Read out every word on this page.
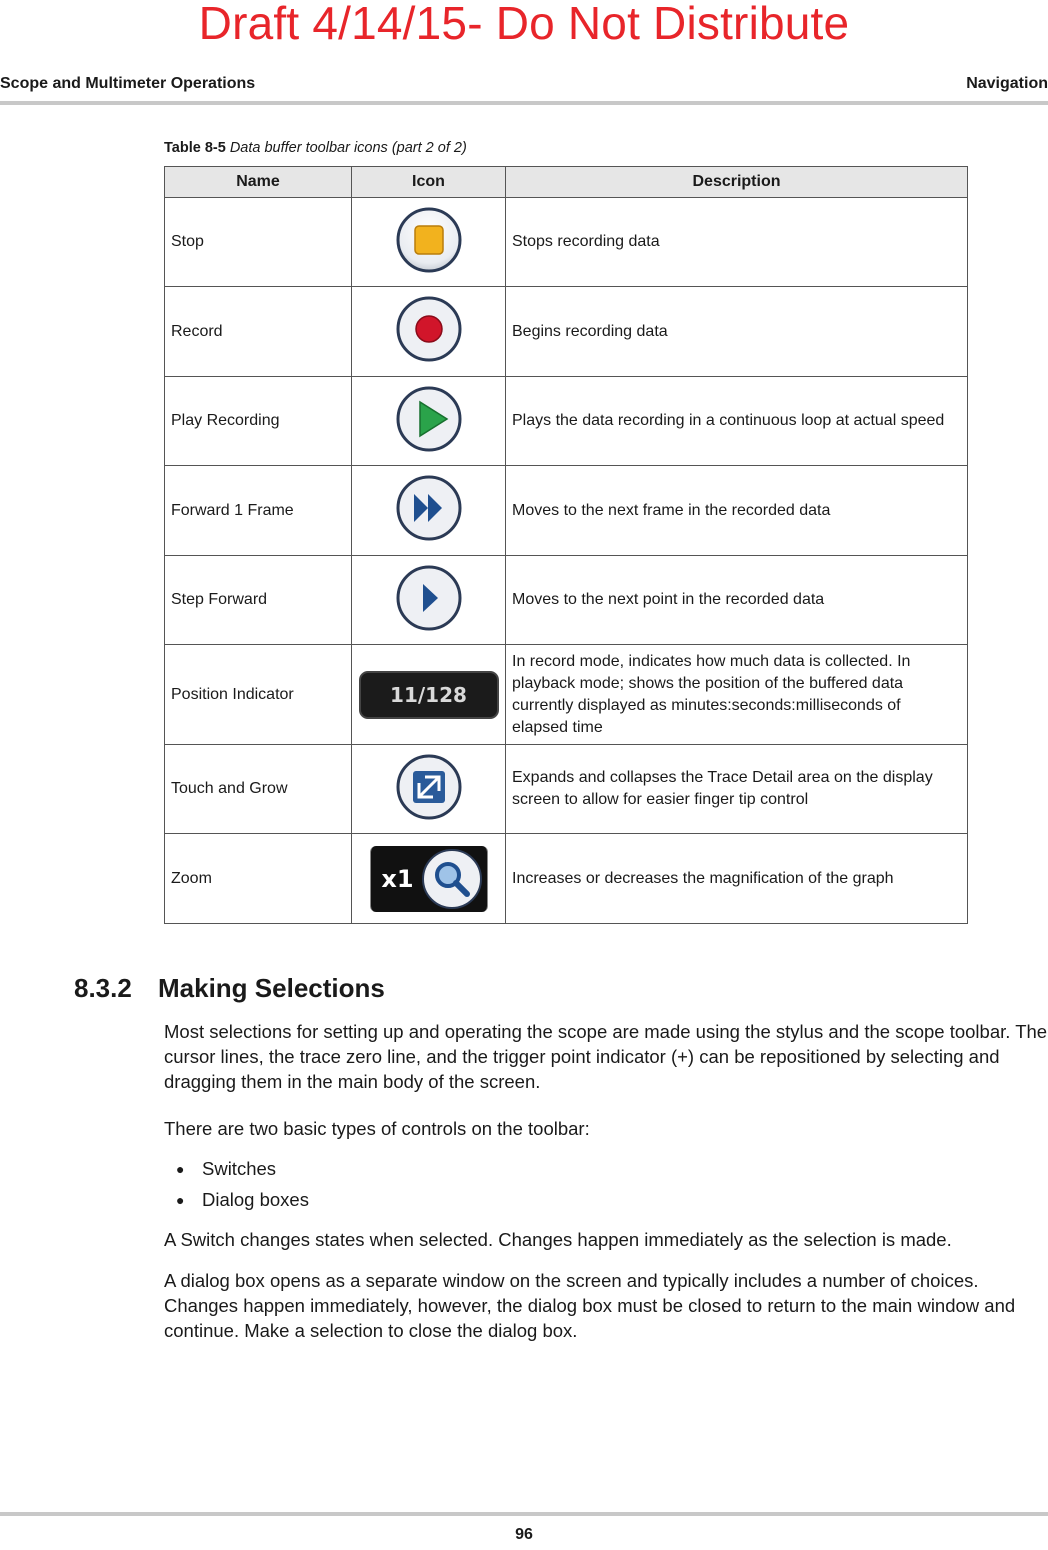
Draft 4/14/15- Do Not Distribute
Scope and Multimeter Operations	Navigation
Table 8-5 Data buffer toolbar icons (part 2 of 2)
Name	Icon	Description
Stop		Stops recording data
Record		Begins recording data
Play Recording		Plays the data recording in a continuous loop at actual speed
Forward 1 Frame		Moves to the next frame in the recorded data
Step Forward		Moves to the next point in the recorded data
Position Indicator	11/128	In record mode, indicates how much data is collected. In playback mode; shows the position of the buffered data currently displayed as minutes:seconds:milliseconds of elapsed time
Touch and Grow		Expands and collapses the Trace Detail area on the display screen to allow for easier finger tip control
Zoom	x1	Increases or decreases the magnification of the graph
8.3.2 Making Selections
Most selections for setting up and operating the scope are made using the stylus and the scope toolbar. The cursor lines, the trace zero line, and the trigger point indicator (+) can be repositioned by selecting and dragging them in the main body of the screen.
There are two basic types of controls on the toolbar:
● Switches
● Dialog boxes
A Switch changes states when selected. Changes happen immediately as the selection is made.
A dialog box opens as a separate window on the screen and typically includes a number of choices. Changes happen immediately, however, the dialog box must be closed to return to the main window and continue. Make a selection to close the dialog box.
96
